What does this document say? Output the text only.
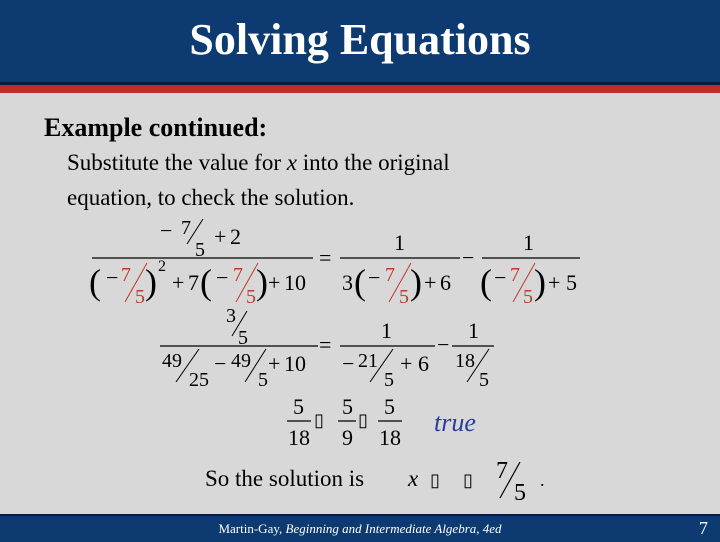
Solving Equations
Example continued:
Substitute the value for x into the original
equation, to check the solution.
− 7
5
+ 2
( − 7
5 ) 2
+ 7 ( − 7
5 ) + 10
=
1
3 ( − 7
5 ) + 6
−
1
( − 7
5 ) + 5
3
5
49
25
− 49
5
+ 10
=
1
− 21
5
+ 6
−
1
18
5
5
18
▯
5
9
▯
5
18
true
So the solution is x ▯ ▯ 7
5 .
Martin-Gay, Beginning and Intermediate Algebra, 4ed	7
